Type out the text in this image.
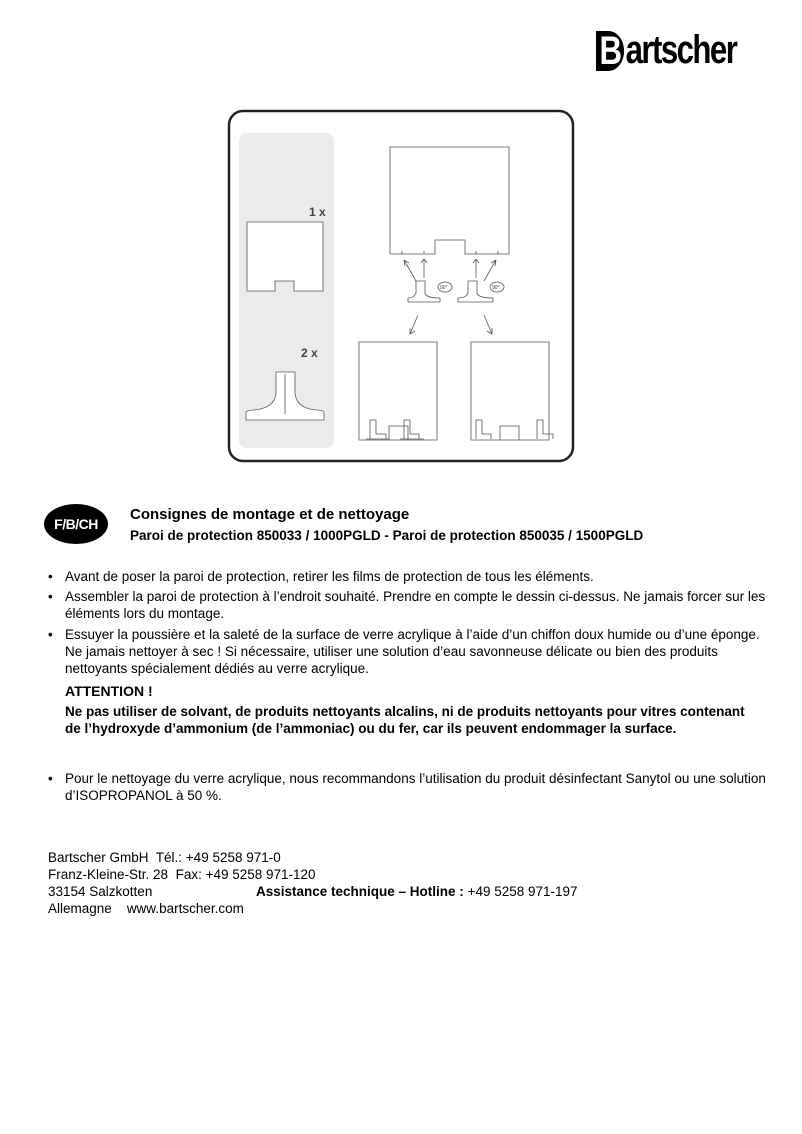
B artscher
1 x
2 x
90°	90°
F/B/CH
Consignes de montage et de nettoyage
Paroi de protection 850033 / 1000PGLD - Paroi de protection 850035 / 1500PGLD
• Avant de poser la paroi de protection, retirer les films de protection de tous les éléments.
• Assembler la paroi de protection à l’endroit souhaité. Prendre en compte le dessin ci-dessus. Ne jamais forcer sur les éléments lors du montage.
• Essuyer la poussière et la saleté de la surface de verre acrylique à l’aide d’un chiffon doux humide ou d’une éponge. Ne jamais nettoyer à sec ! Si nécessaire, utiliser une solution d’eau savonneuse délicate ou bien des produits nettoyants spécialement dédiés au verre acrylique.
ATTENTION !
Ne pas utiliser de solvant, de produits nettoyants alcalins, ni de produits nettoyants pour vitres contenant de l’hydroxyde d’ammonium (de l’ammoniac) ou du fer, car ils peuvent endommager la surface.
• Pour le nettoyage du verre acrylique, nous recommandons l’utilisation du produit désinfectant Sanytol ou une solution d’ISOPROPANOL à 50 %.
Bartscher GmbH Tél.: +49 5258 971-0
Franz-Kleine-Str. 28 Fax: +49 5258 971-120
33154 Salzkotten	Assistance technique – Hotline : +49 5258 971-197
Allemagne www.bartscher.com
